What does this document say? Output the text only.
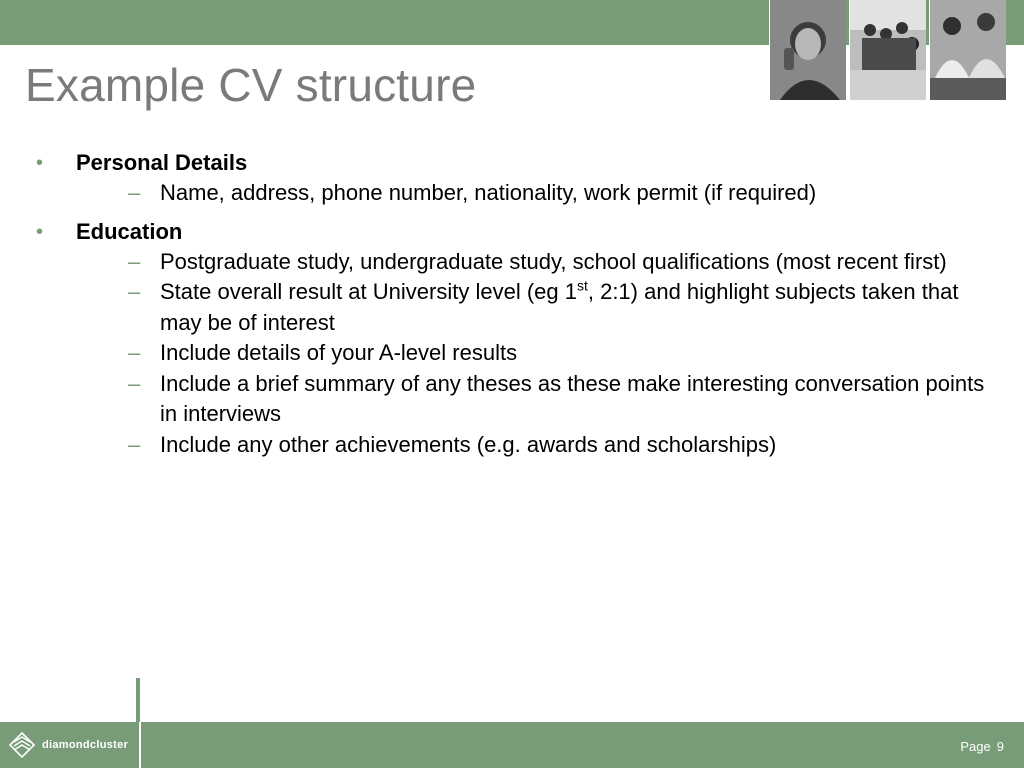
Example CV structure
• Personal Details
– Name, address, phone number, nationality, work permit (if required)
• Education
– Postgraduate study, undergraduate study, school qualifications (most recent first)
– State overall result at University level (eg 1st, 2:1) and highlight subjects taken that may be of interest
– Include details of your A-level results
– Include a brief summary of any theses as these make interesting conversation points in interviews
– Include any other achievements (e.g. awards and scholarships)
diamondcluster	Page 9
